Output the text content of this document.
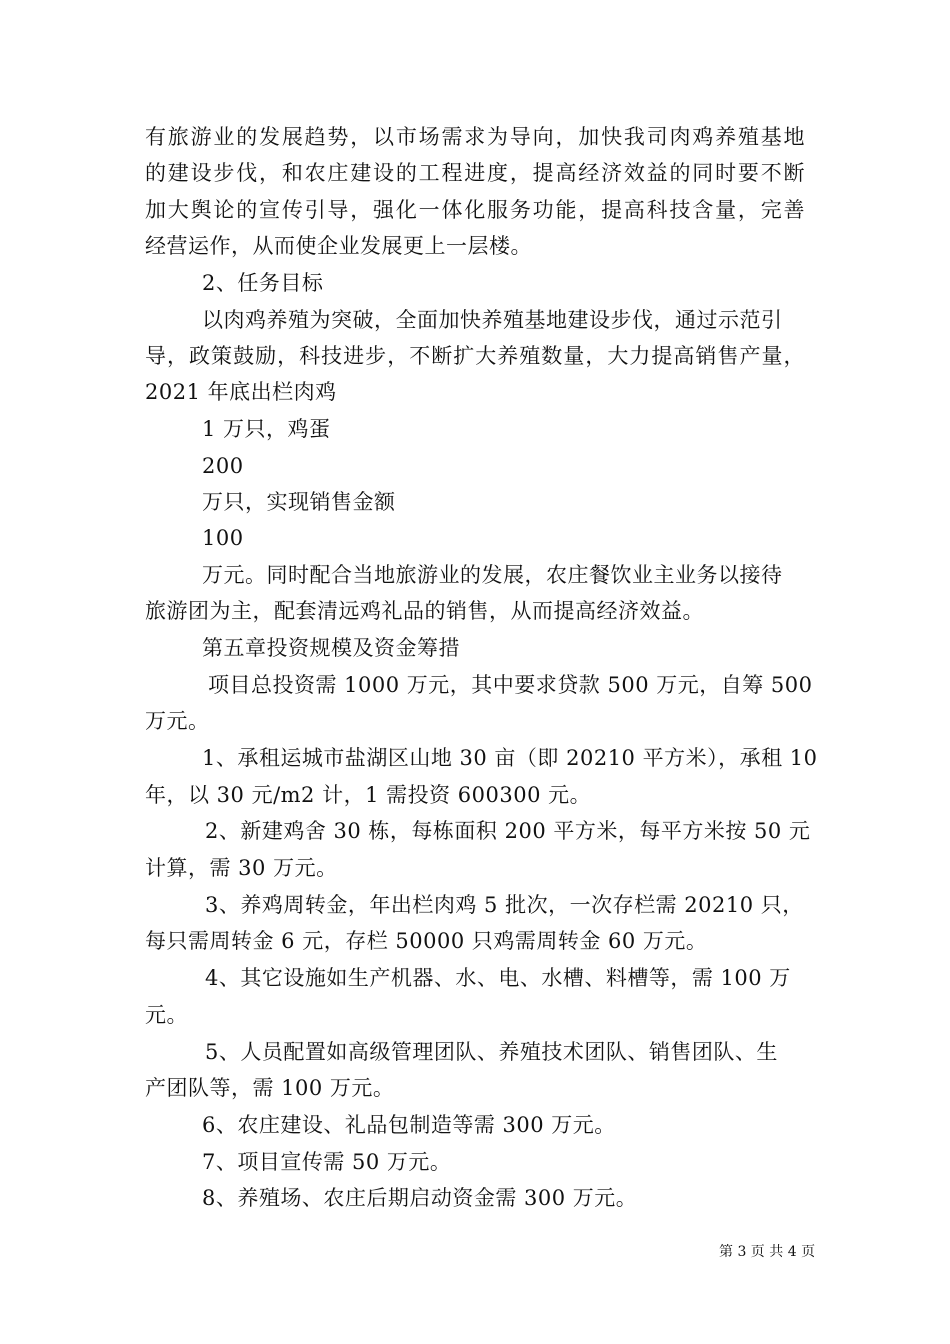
有旅游业的发展趋势，以市场需求为导向，加快我司肉鸡养殖基地
的建设步伐，和农庄建设的工程进度，提高经济效益的同时要不断
加大舆论的宣传引导，强化一体化服务功能，提高科技含量，完善
经营运作，从而使企业发展更上一层楼。
2、任务目标
以肉鸡养殖为突破，全面加快养殖基地建设步伐，通过示范引
导，政策鼓励，科技进步，不断扩大养殖数量，大力提高销售产量，
2021 年底出栏肉鸡
1 万只，鸡蛋
200
万只，实现销售金额
100
万元。同时配合当地旅游业的发展，农庄餐饮业主业务以接待
旅游团为主，配套清远鸡礼品的销售，从而提高经济效益。
第五章投资规模及资金筹措
项目总投资需 1000 万元，其中要求贷款 500 万元，自筹 500
万元。
1、承租运城市盐湖区山地 30 亩（即 20210 平方米），承租 10
年，以 30 元/m2 计，1 需投资 600300 元。
2、新建鸡舍 30 栋，每栋面积 200 平方米，每平方米按 50 元
计算，需 30 万元。
3、养鸡周转金，年出栏肉鸡 5 批次，一次存栏需 20210 只，
每只需周转金 6 元，存栏 50000 只鸡需周转金 60 万元。
4、其它设施如生产机器、水、电、水槽、料槽等，需 100 万
元。
5、人员配置如高级管理团队、养殖技术团队、销售团队、生
产团队等，需 100 万元。
6、农庄建设、礼品包制造等需 300 万元。
7、项目宣传需 50 万元。
8、养殖场、农庄后期启动资金需 300 万元。
第 3 页 共 4 页
